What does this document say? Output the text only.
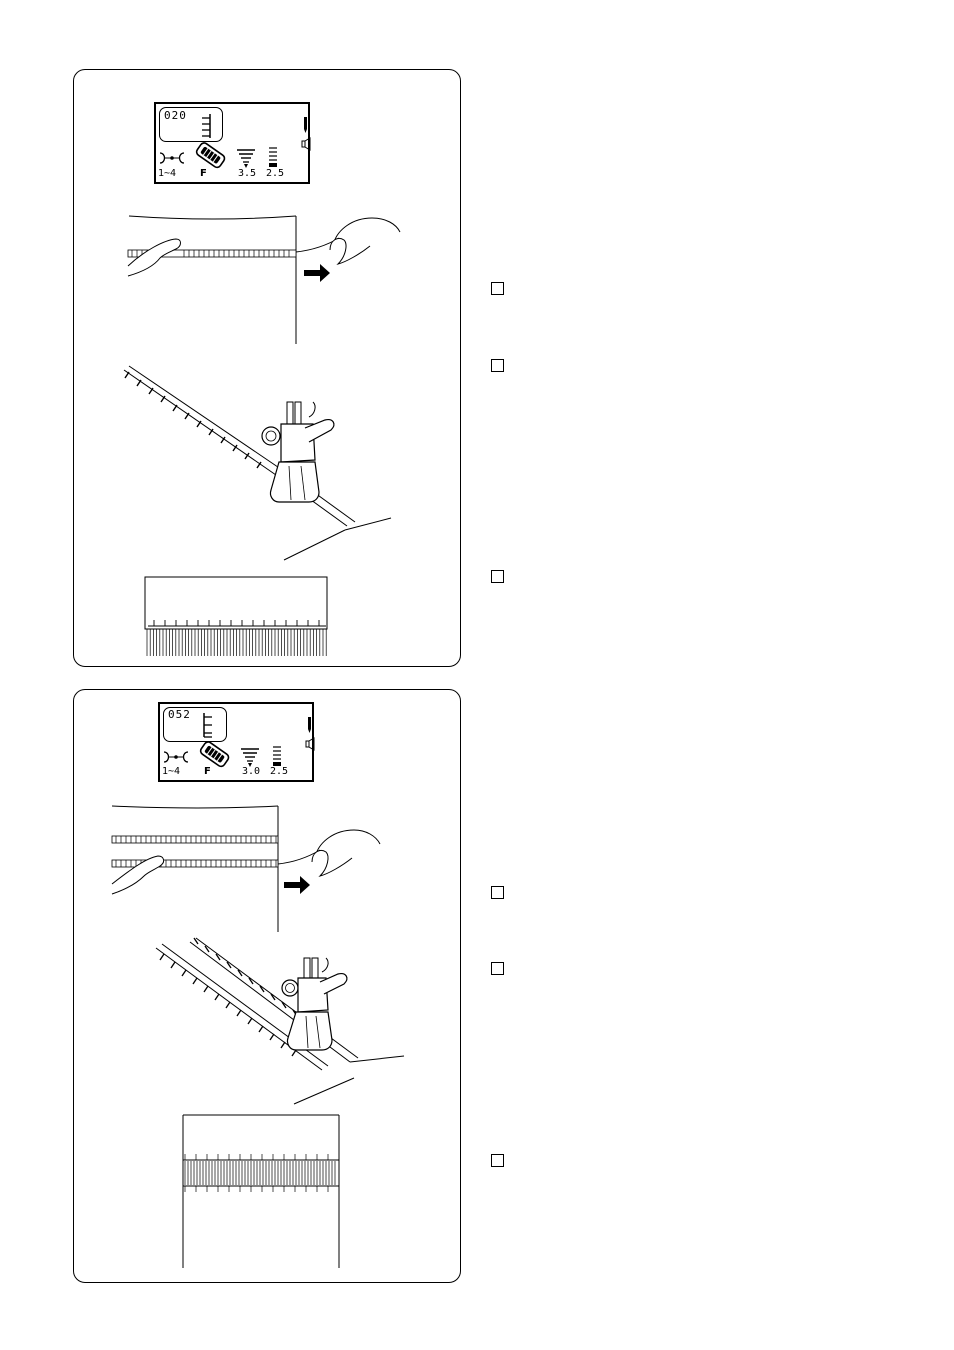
020
1~4 F	3.5 2.5
052
1~4 F	3.0 2.5
